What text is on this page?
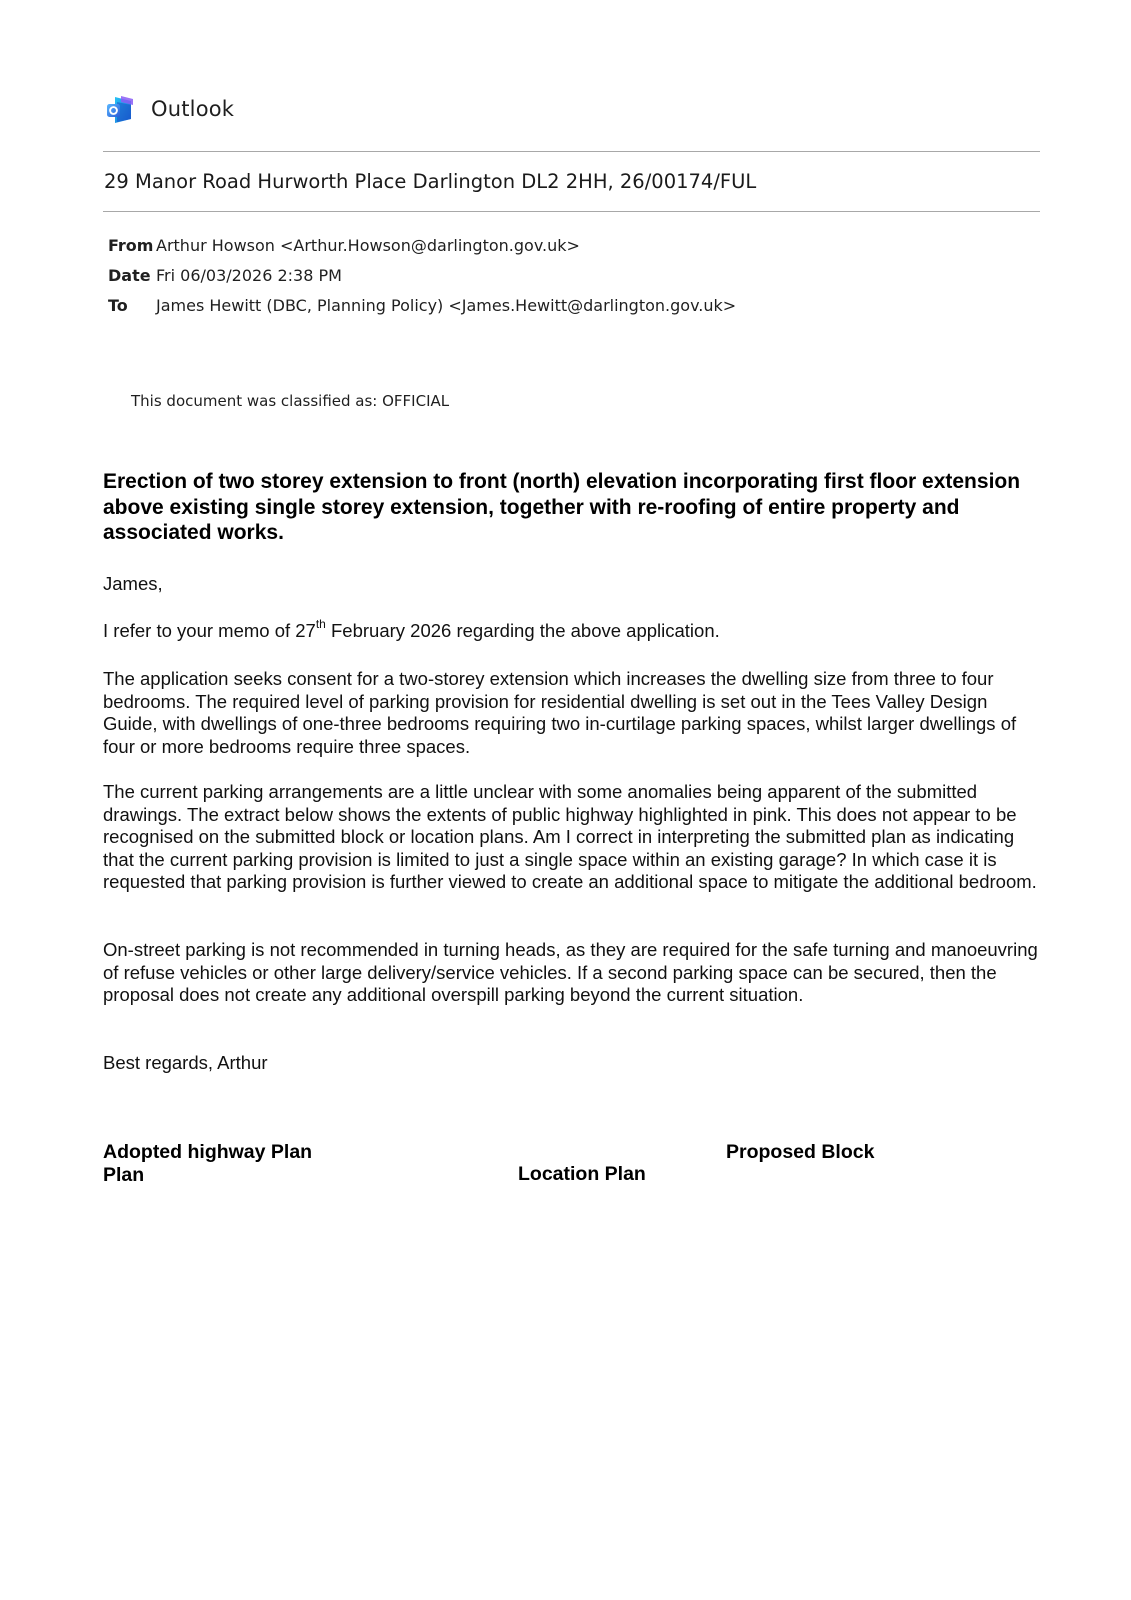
Outlook
29 Manor Road Hurworth Place Darlington DL2 2HH, 26/00174/FUL
From Arthur Howson <Arthur.Howson@darlington.gov.uk>
Date Fri 06/03/2026 2:38 PM
To James Hewitt (DBC, Planning Policy) <James.Hewitt@darlington.gov.uk>
This document was classified as: OFFICIAL
Erection of two storey extension to front (north) elevation incorporating first floor extension above existing single storey extension, together with re-roofing of entire property and associated works.

James,

I refer to your memo of 27th February 2026 regarding the above application.

The application seeks consent for a two-storey extension which increases the dwelling size from three to four bedrooms. The required level of parking provision for residential dwelling is set out in the Tees Valley Design Guide, with dwellings of one-three bedrooms requiring two in-curtilage parking spaces, whilst larger dwellings of four or more bedrooms require three spaces.

The current parking arrangements are a little unclear with some anomalies being apparent of the submitted drawings. The extract below shows the extents of public highway highlighted in pink. This does not appear to be recognised on the submitted block or location plans. Am I correct in interpreting the submitted plan as indicating that the current parking provision is limited to just a single space within an existing garage? In which case it is requested that parking provision is further viewed to create an additional space to mitigate the additional bedroom.

On-street parking is not recommended in turning heads, as they are required for the safe turning and manoeuvring of refuse vehicles or other large delivery/service vehicles. If a second parking space can be secured, then the proposal does not create any additional overspill parking beyond the current situation.

Best regards, Arthur

Adopted highway Plan Plan	Location Plan
Proposed Block
